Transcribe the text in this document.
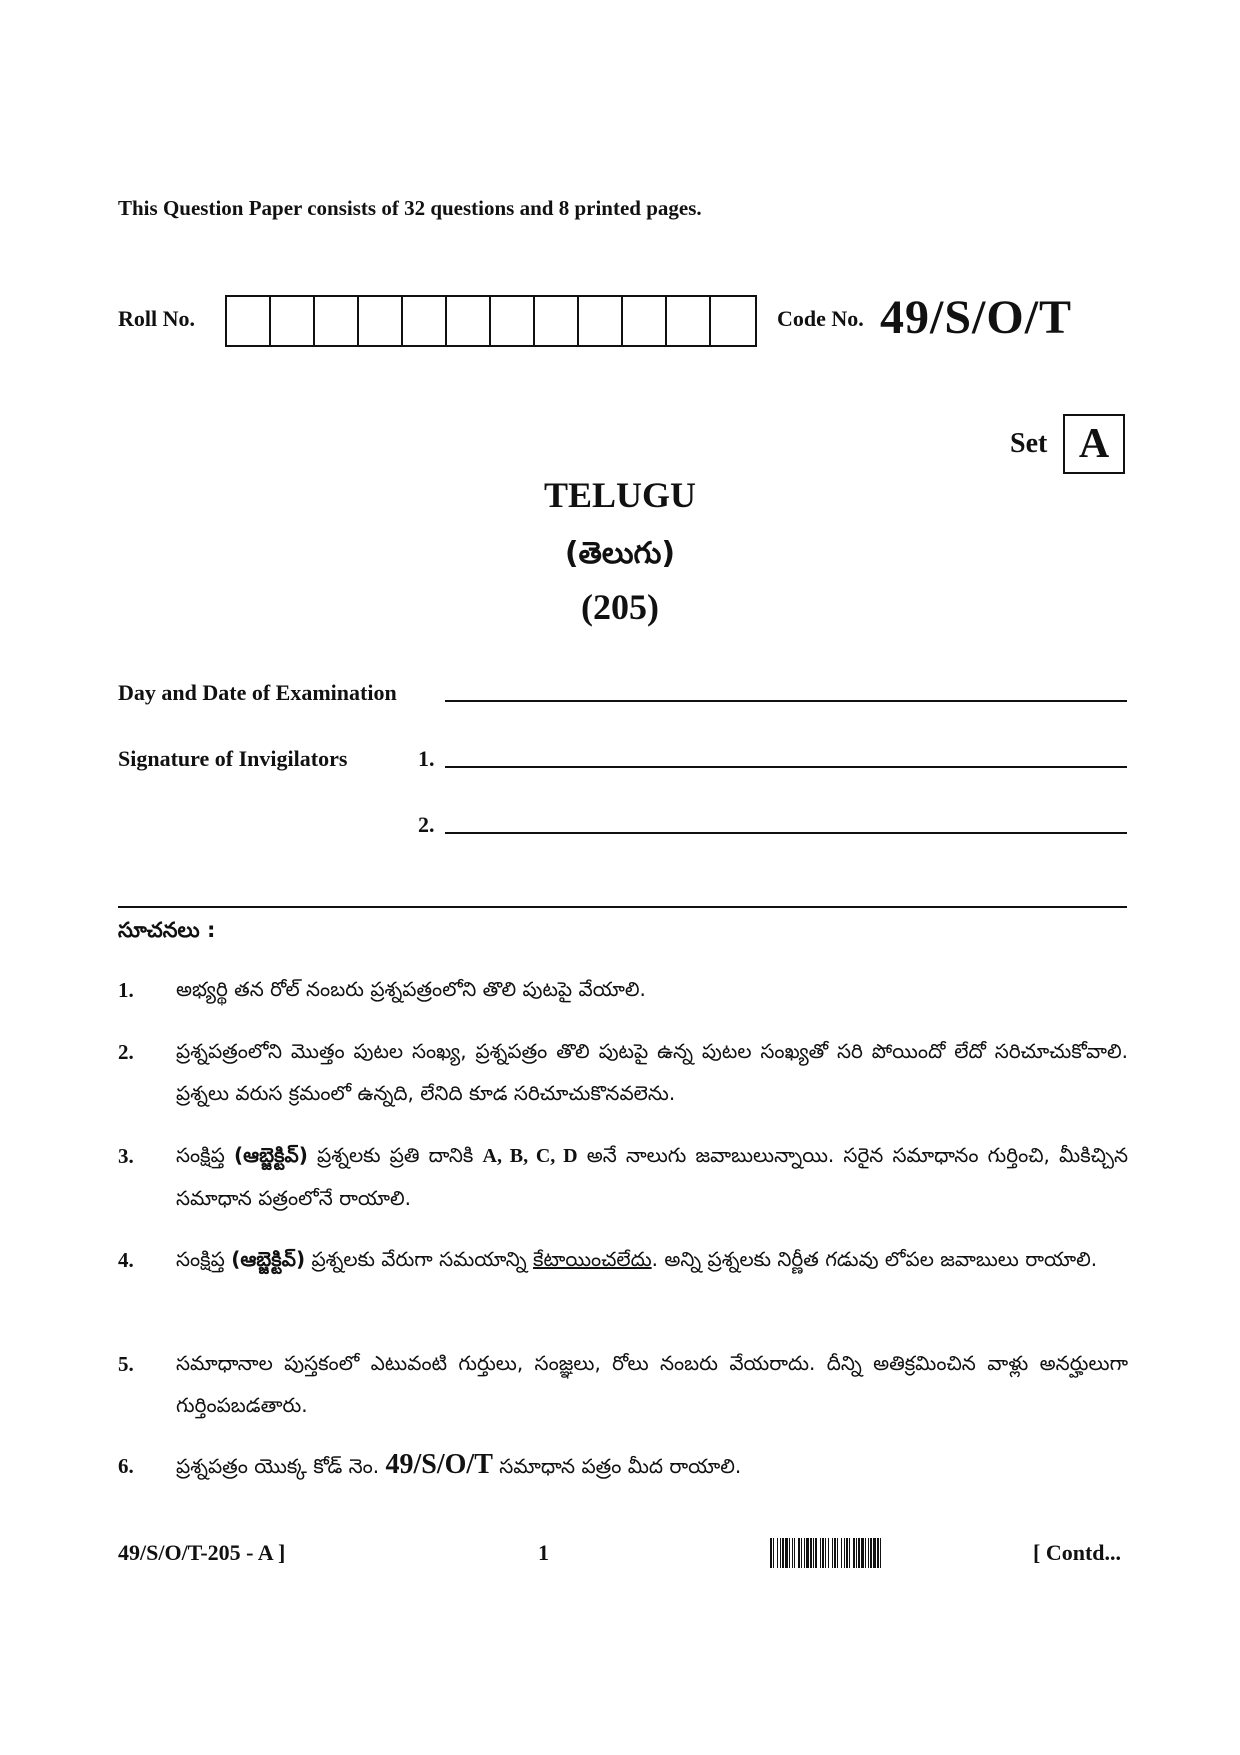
This Question Paper consists of 32 questions and 8 printed pages.
Roll No.	Code No. 49/S/O/T
Set A
TELUGU
(తెలుగు)
(205)
Day and Date of Examination
Signature of Invigilators	1.
2.
సూచనలు :
1. అభ్యర్థి తన రోల్ నంబరు ప్రశ్నపత్రంలోని తొలి పుటపై వేయాలి.
2. ప్రశ్నపత్రంలోని మొత్తం పుటల సంఖ్య, ప్రశ్నపత్రం తొలి పుటపై ఉన్న పుటల సంఖ్యతో సరి పోయిందో లేదో సరిచూచుకోవాలి. ప్రశ్నలు వరుస క్రమంలో ఉన్నది, లేనిది కూడ సరిచూచుకొనవలెను.
3. సంక్షిప్త (ఆబ్జెక్టివ్) ప్రశ్నలకు ప్రతి దానికి A, B, C, D అనే నాలుగు జవాబులున్నాయి. సరైన సమాధానం గుర్తించి, మీకిచ్చిన సమాధాన పత్రంలోనే రాయాలి.
4. సంక్షిప్త (ఆబ్జెక్టివ్) ప్రశ్నలకు వేరుగా సమయాన్ని కేటాయించలేదు. అన్ని ప్రశ్నలకు నిర్ణీత గడువు లోపల జవాబులు రాయాలి.
5. సమాధానాల పుస్తకంలో ఎటువంటి గుర్తులు, సంజ్ఞలు, రోలు నంబరు వేయరాదు. దీన్ని అతిక్రమించిన వాళ్లు అనర్హులుగా గుర్తింపబడతారు.
6. ప్రశ్నపత్రం యొక్క కోడ్ నెం. 49/S/O/T సమాధాన పత్రం మీద రాయాలి.
49/S/O/T-205 - A ]	1	[ Contd...
